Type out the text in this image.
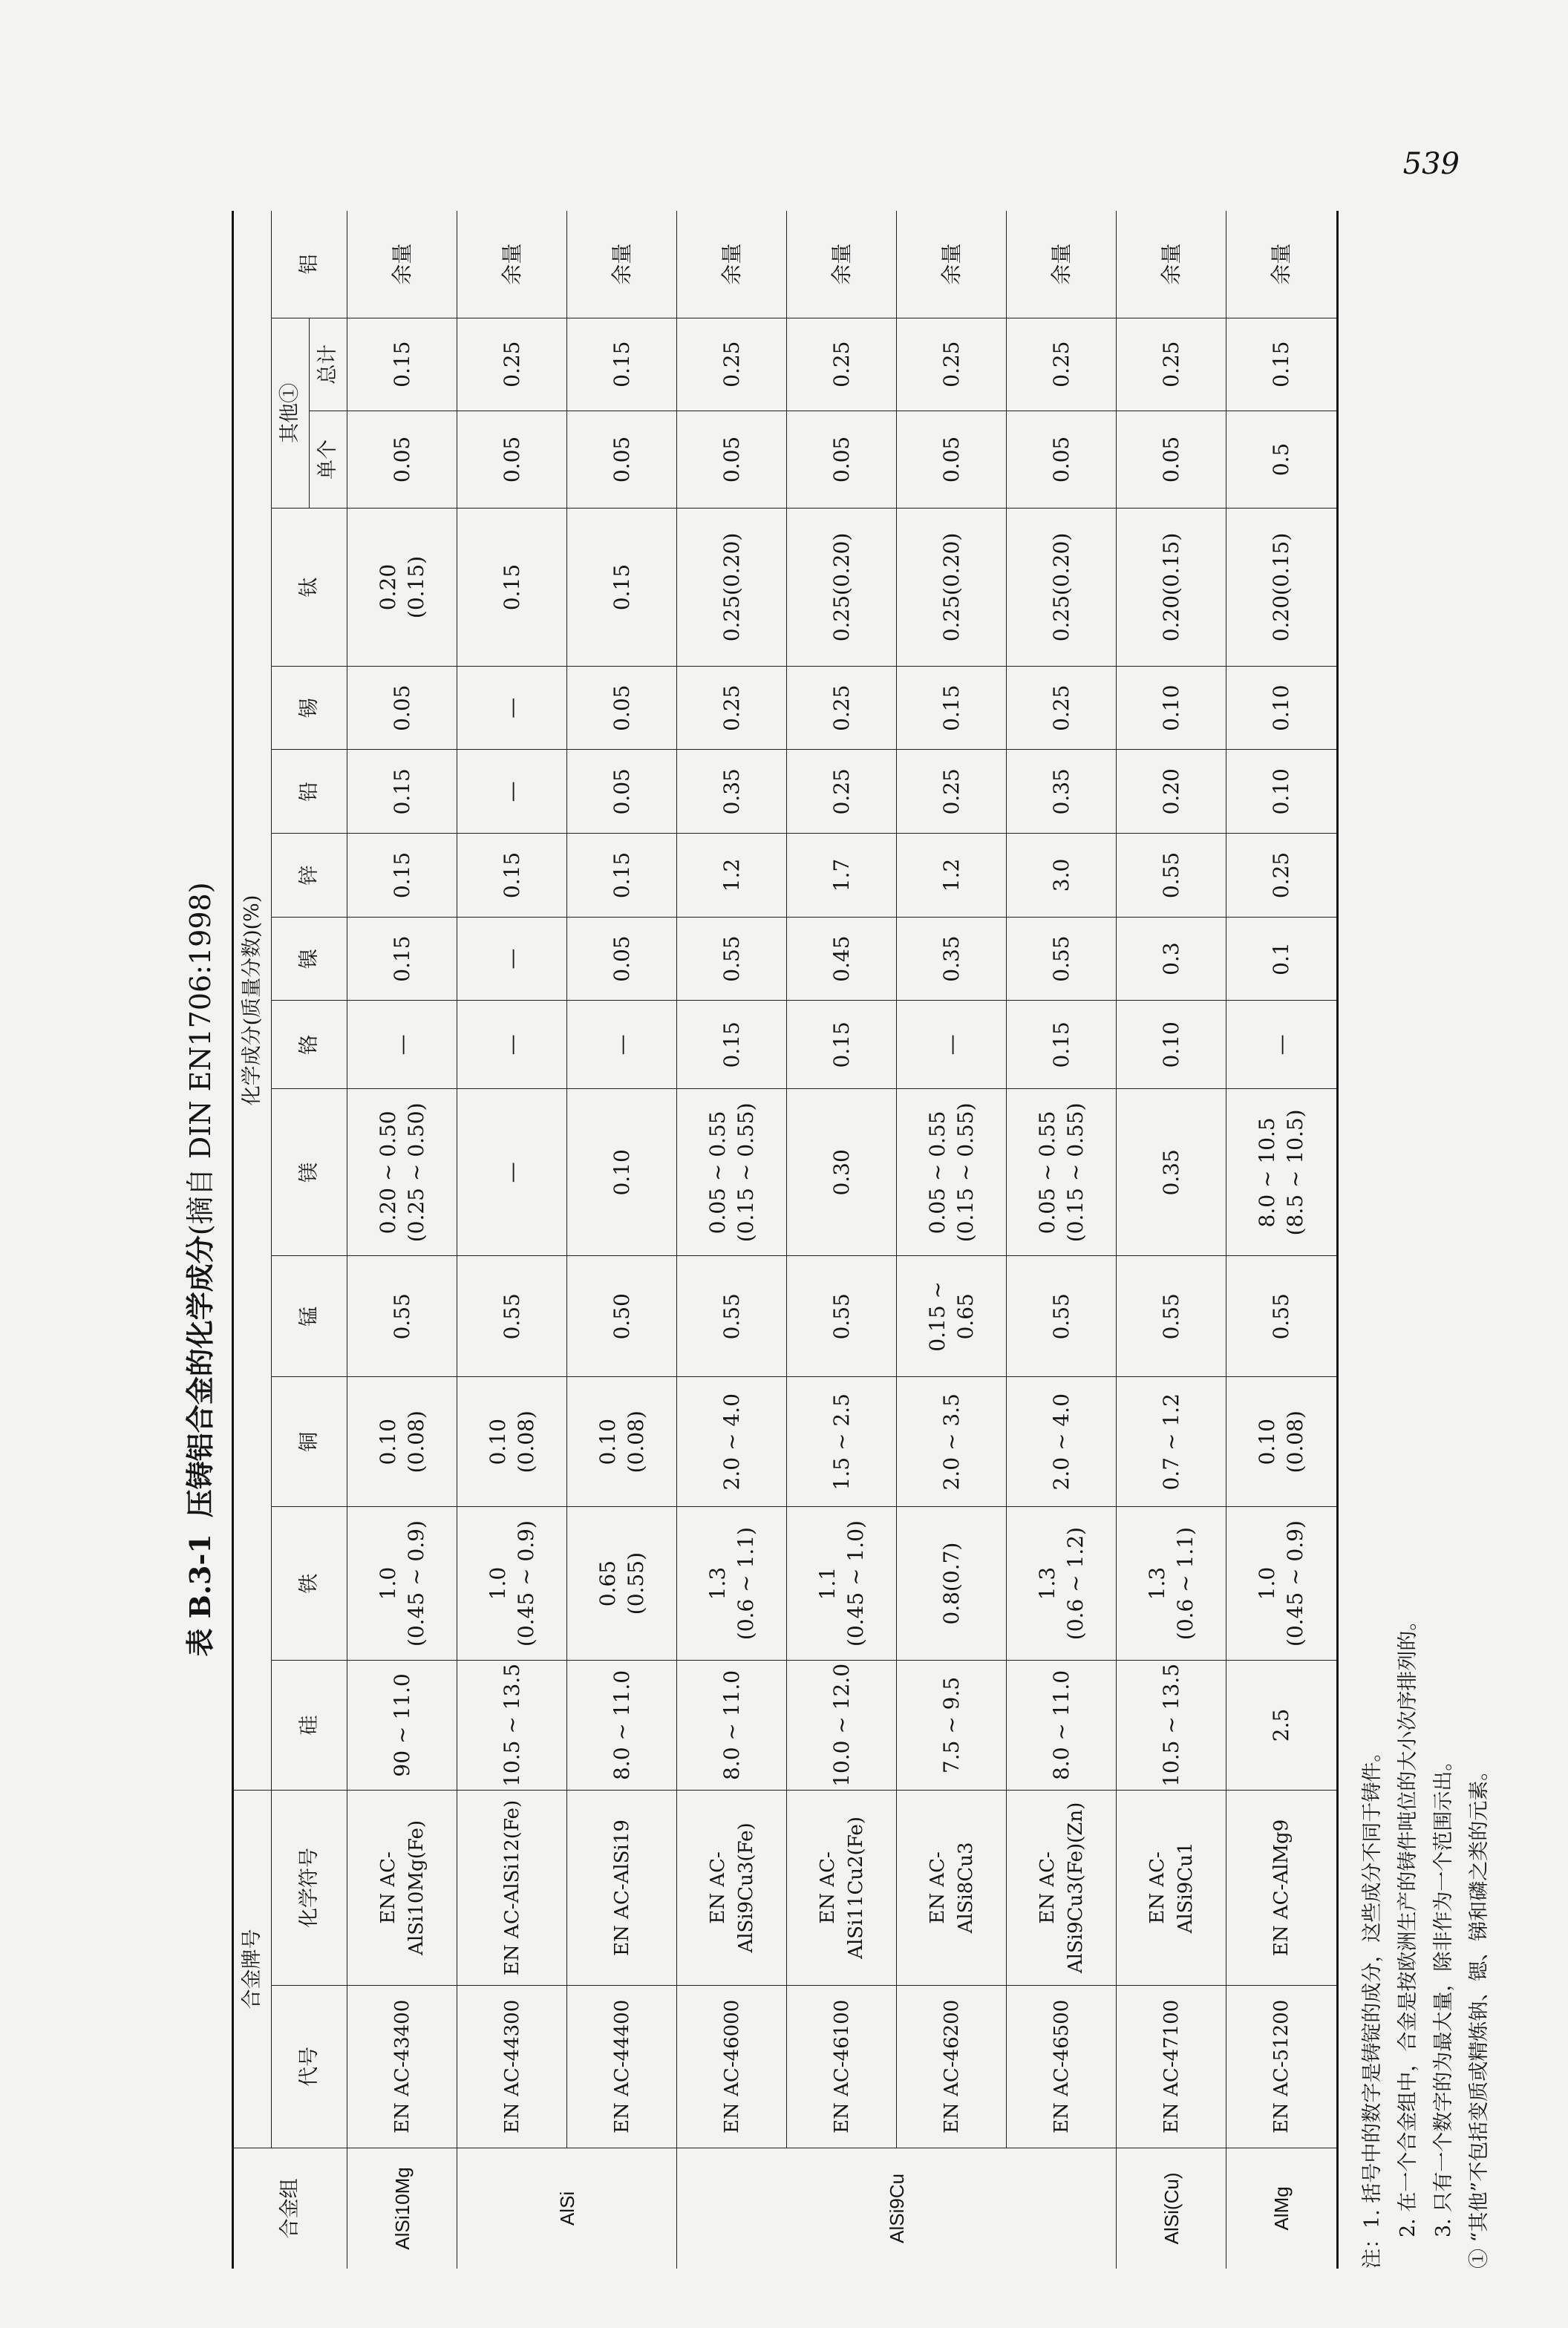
539
表 B.3-1 压铸铝合金的化学成分(摘自 DIN EN1706:1998)
合金组	合金牌号		化学成分(质量分数)(%)													
	代号	化学符号	硅	铁	铜	锰	镁	铬	镍	锌	铅	锡	钛	其他①		铝
														单个	总计	
AlSi10Mg	EN AC-43400	EN AC- AlSi10Mg(Fe)	90 ~ 11.0	1.0 (0.45 ~ 0.9)	0.10 (0.08)	0.55	0.20 ~ 0.50 (0.25 ~ 0.50)	—	0.15	0.15	0.15	0.05	0.20 (0.15)	0.05	0.15	余量
AlSi	EN AC-44300	EN AC-AlSi12(Fe)	10.5 ~ 13.5	1.0 (0.45 ~ 0.9)	0.10 (0.08)	0.55	—	—	—	0.15	—	—	0.15	0.05	0.25	余量
	EN AC-44400	EN AC-AlSi19	8.0 ~ 11.0	0.65 (0.55)	0.10 (0.08)	0.50	0.10	—	0.05	0.15	0.05	0.05	0.15	0.05	0.15	余量
AlSi9Cu	EN AC-46000	EN AC- AlSi9Cu3(Fe)	8.0 ~ 11.0	1.3 (0.6 ~ 1.1)	2.0 ~ 4.0	0.55	0.05 ~ 0.55 (0.15 ~ 0.55)	0.15	0.55	1.2	0.35	0.25	0.25(0.20)	0.05	0.25	余量
	EN AC-46100	EN AC- AlSi11Cu2(Fe)	10.0 ~ 12.0	1.1 (0.45 ~ 1.0)	1.5 ~ 2.5	0.55	0.30	0.15	0.45	1.7	0.25	0.25	0.25(0.20)	0.05	0.25	余量
	EN AC-46200	EN AC- AlSi8Cu3	7.5 ~ 9.5	0.8(0.7)	2.0 ~ 3.5	0.15 ~ 0.65	0.05 ~ 0.55 (0.15 ~ 0.55)	—	0.35	1.2	0.25	0.15	0.25(0.20)	0.05	0.25	余量
	EN AC-46500	EN AC- AlSi9Cu3(Fe)(Zn)	8.0 ~ 11.0	1.3 (0.6 ~ 1.2)	2.0 ~ 4.0	0.55	0.05 ~ 0.55 (0.15 ~ 0.55)	0.15	0.55	3.0	0.35	0.25	0.25(0.20)	0.05	0.25	余量
AlSi(Cu)	EN AC-47100	EN AC- AlSi9Cu1	10.5 ~ 13.5	1.3 (0.6 ~ 1.1)	0.7 ~ 1.2	0.55	0.35	0.10	0.3	0.55	0.20	0.10	0.20(0.15)	0.05	0.25	余量
AlMg	EN AC-51200	EN AC-AlMg9	2.5	1.0 (0.45 ~ 0.9)	0.10 (0.08)	0.55	8.0 ~ 10.5 (8.5 ~ 10.5)	—	0.1	0.25	0.10	0.10	0.20(0.15)	0.5	0.15	余量
注：1. 括号中的数字是铸锭的成分，这些成分不同于铸件。 2. 在一个合金组中，合金是按欧洲生产的铸件吨位的大小次序排列的。 3. 只有一个数字的为最大量，除非作为一个范围示出。 ① “其他”不包括变质或精炼钠、锶、锑和磷之类的元素。
